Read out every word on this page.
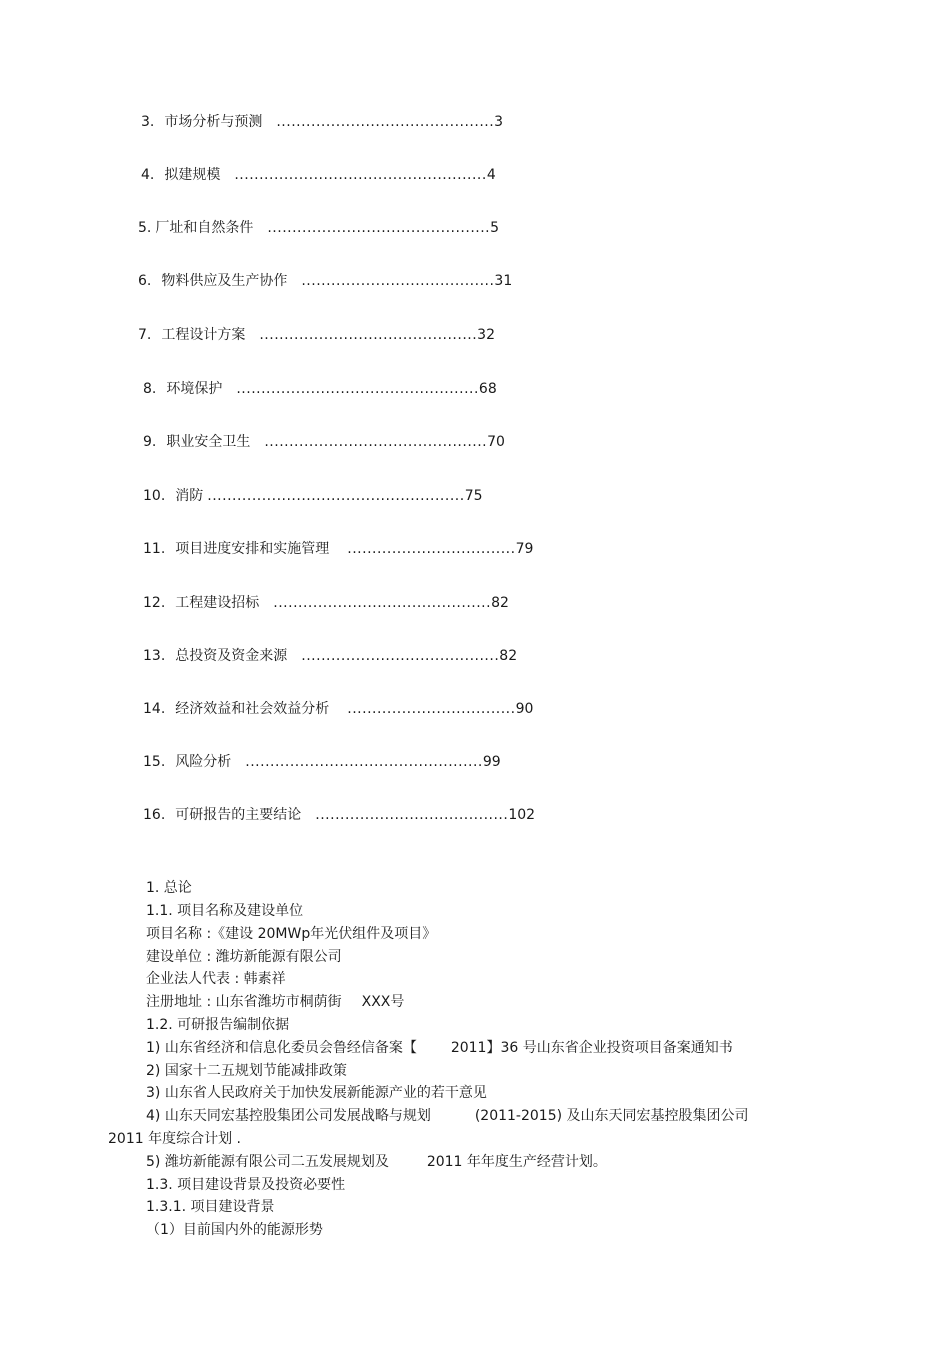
3. 市场分析与预测 ............................................3
4. 拟建规模 ...................................................4
5. 厂址和自然条件 .............................................5
6. 物料供应及生产协作 .......................................31
7. 工程设计方案 ............................................32
8. 环境保护 .................................................68
9. 职业安全卫生 .............................................70
10. 消防 ....................................................75
11. 项目进度安排和实施管理 ..................................79
12. 工程建设招标 ............................................82
13. 总投资及资金来源 ........................................82
14. 经济效益和社会效益分析 ..................................90
15. 风险分析 ................................................99
16. 可研报告的主要结论 .......................................102
1. 总论
1.1. 项目名称及建设单位
项目名称 :《建设 20MWp年光伏组件及项目》
建设单位 : 潍坊新能源有限公司
企业法人代表 : 韩素祥
注册地址 : 山东省潍坊市桐荫街 XXX号
1.2. 可研报告编制依据
1) 山东省经济和信息化委员会鲁经信备案【 2011】36 号山东省企业投资项目备案通知书
2) 国家十二五规划节能减排政策
3) 山东省人民政府关于加快发展新能源产业的若干意见
4) 山东天同宏基控股集团公司发展战略与规划	(2011-2015) 及山东天同宏基控股集团公司
2011 年度综合计划 .
5) 潍坊新能源有限公司二五发展规划及	2011 年年度生产经营计划。
1.3. 项目建设背景及投资必要性
1.3.1. 项目建设背景
（1）目前国内外的能源形势
